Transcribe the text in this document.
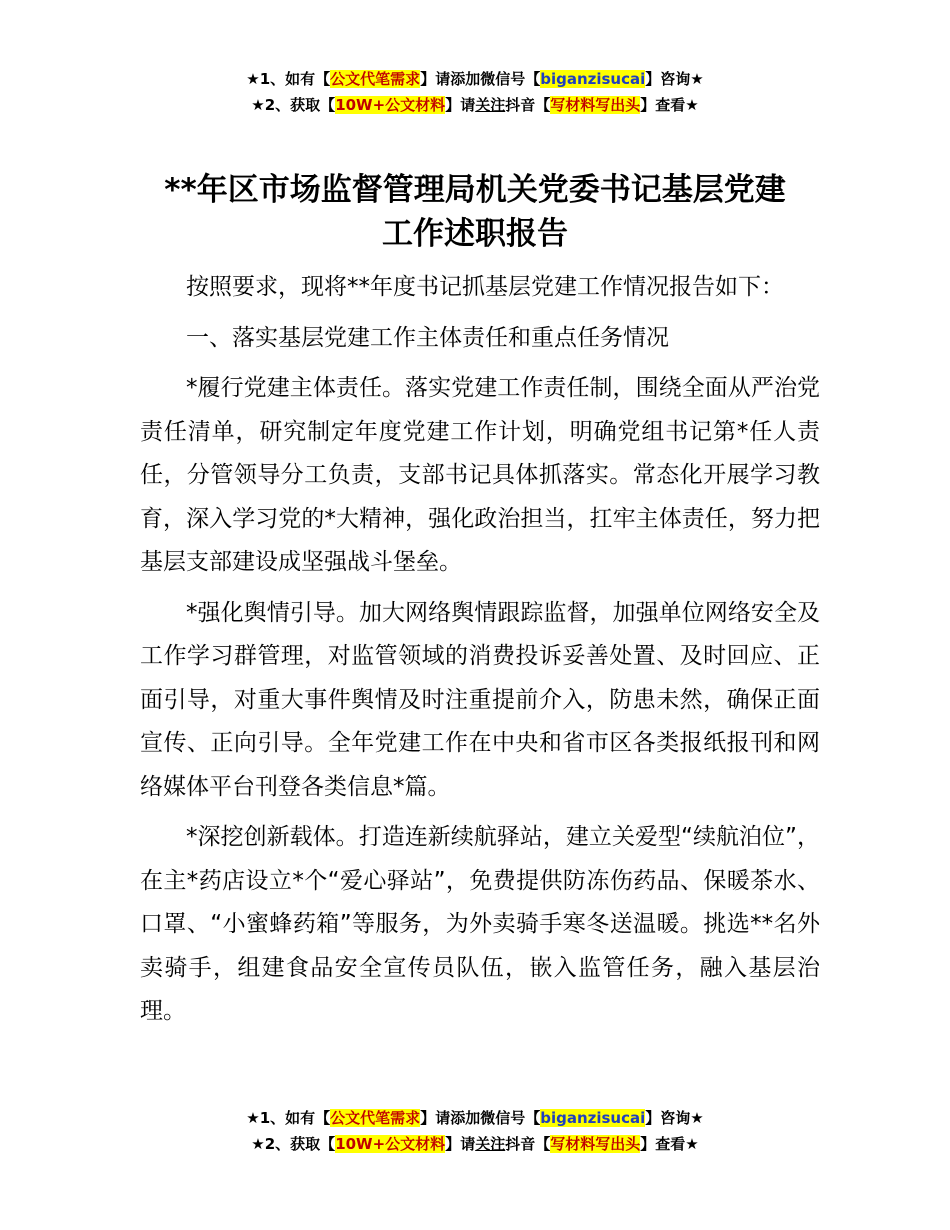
★1、如有【公文代笔需求】请添加微信号【biganzisucai】咨询★
★2、获取【10W+公文材料】请关注抖音【写材料写出头】查看★
**年区市场监督管理局机关党委书记基层党建
工作述职报告

按照要求，现将**年度书记抓基层党建工作情况报告如下：

一、落实基层党建工作主体责任和重点任务情况

*履行党建主体责任。落实党建工作责任制，围绕全面从严治党责任清单，研究制定年度党建工作计划，明确党组书记第*任人责任，分管领导分工负责，支部书记具体抓落实。常态化开展学习教育，深入学习党的*大精神，强化政治担当，扛牢主体责任，努力把基层支部建设成坚强战斗堡垒。

*强化舆情引导。加大网络舆情跟踪监督，加强单位网络安全及工作学习群管理，对监管领域的消费投诉妥善处置、及时回应、正面引导，对重大事件舆情及时注重提前介入，防患未然，确保正面宣传、正向引导。全年党建工作在中央和省市区各类报纸报刊和网络媒体平台刊登各类信息*篇。

*深挖创新载体。打造连新续航驿站，建立关爱型“续航泊位”，在主*药店设立*个“爱心驿站”，免费提供防冻伤药品、保暖茶水、口罩、“小蜜蜂药箱”等服务，为外卖骑手寒冬送温暖。挑选**名外卖骑手，组建食品安全宣传员队伍，嵌入监管任务，融入基层治理。

★1、如有【公文代笔需求】请添加微信号【biganzisucai】咨询★
★2、获取【10W+公文材料】请关注抖音【写材料写出头】查看★
